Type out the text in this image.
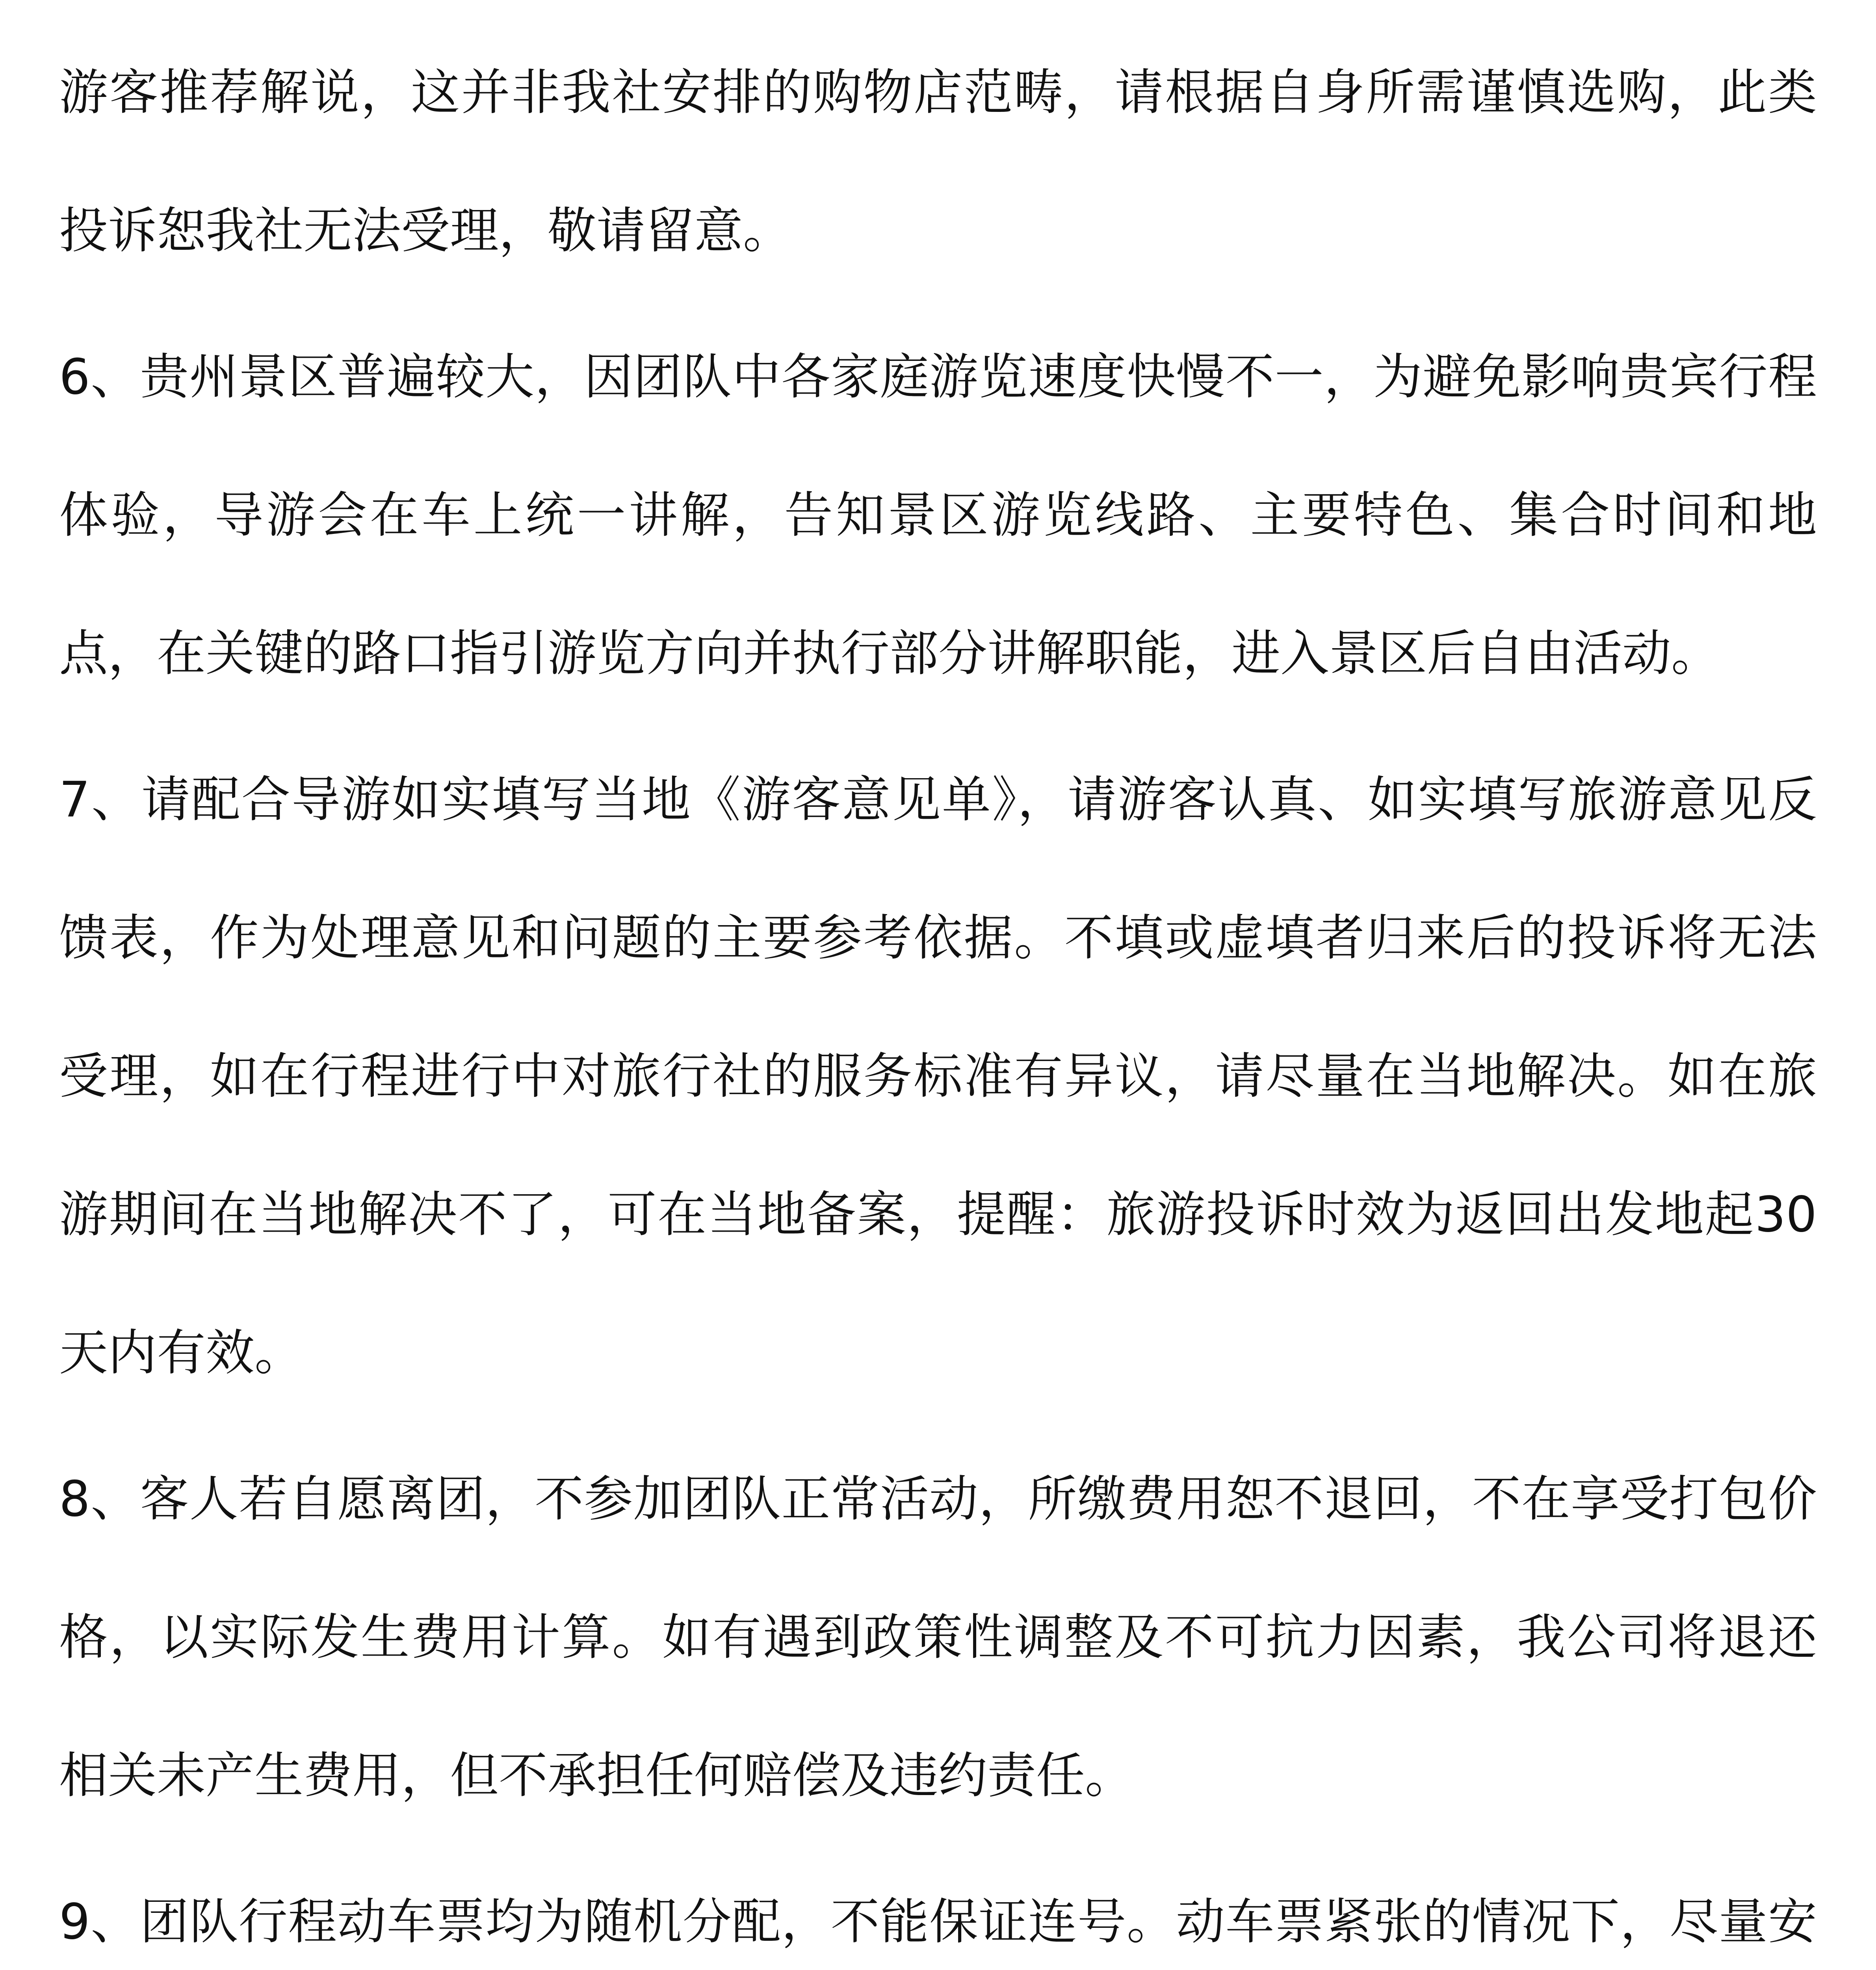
游客推荐解说，这并非我社安排的购物店范畴，请根据自身所需谨慎选购，此类投诉恕我社无法受理，敬请留意。

6、贵州景区普遍较大，因团队中各家庭游览速度快慢不一，为避免影响贵宾行程体验，导游会在车上统一讲解，告知景区游览线路、主要特色、集合时间和地点，在关键的路口指引游览方向并执行部分讲解职能，进入景区后自由活动。

7、请配合导游如实填写当地《游客意见单》，请游客认真、如实填写旅游意见反馈表，作为处理意见和问题的主要参考依据。不填或虚填者归来后的投诉将无法受理，如在行程进行中对旅行社的服务标准有异议，请尽量在当地解决。如在旅游期间在当地解决不了，可在当地备案，提醒：旅游投诉时效为返回出发地起30 天内有效。

8、客人若自愿离团，不参加团队正常活动，所缴费用恕不退回，不在享受打包价格，以实际发生费用计算。如有遇到政策性调整及不可抗力因素，我公司将退还相关未产生费用，但不承担任何赔偿及违约责任。

9、团队行程动车票均为随机分配，不能保证连号。动车票紧张的情况下，尽量安
